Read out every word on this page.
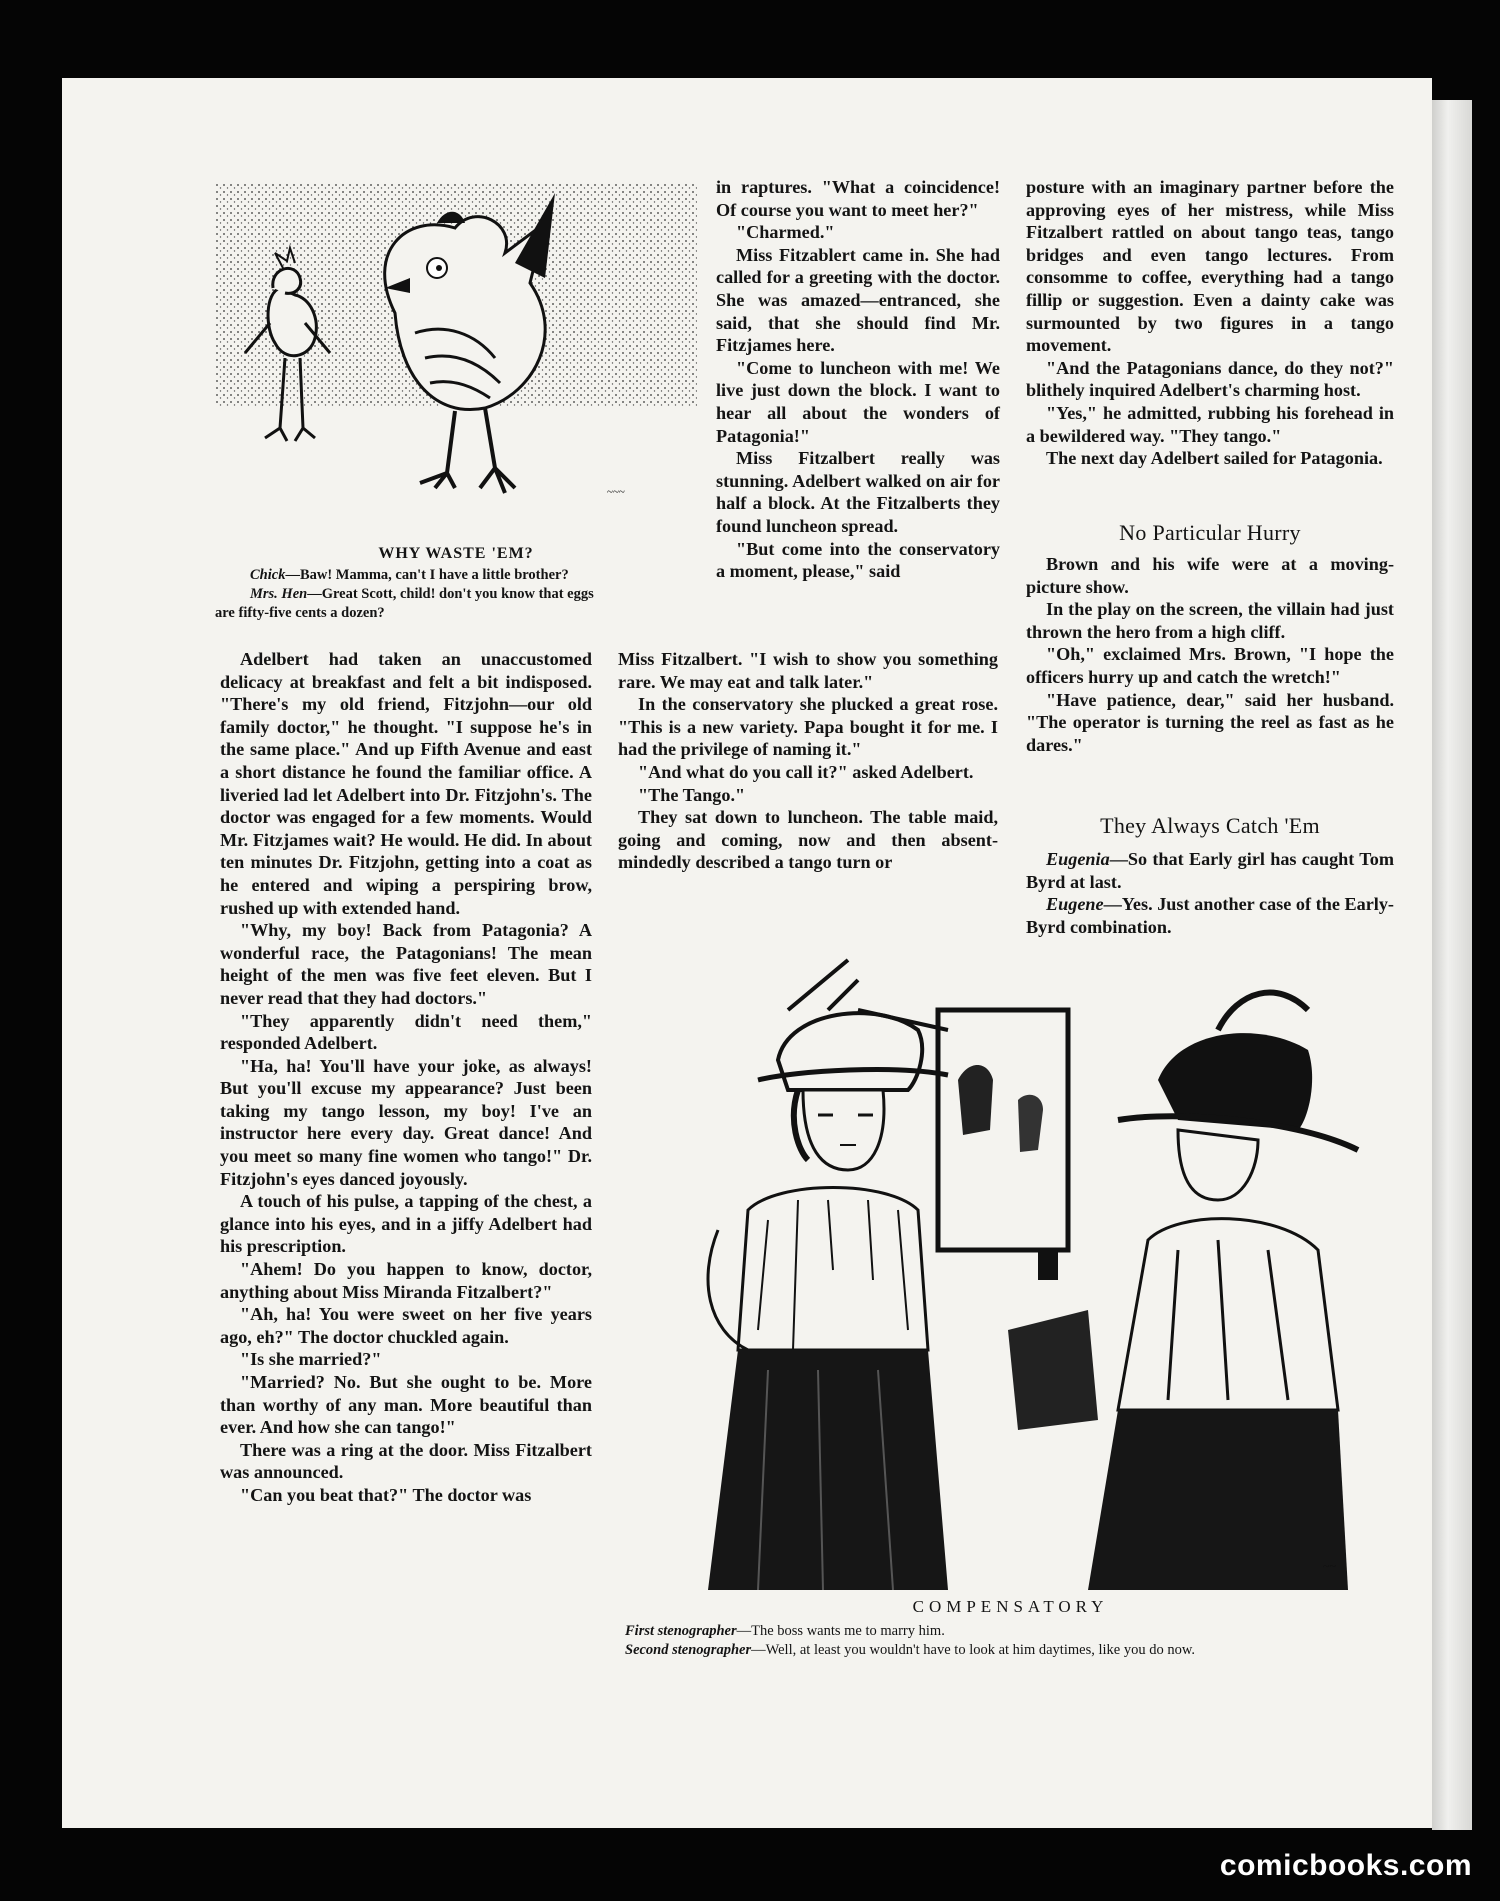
~~~
WHY WASTE 'EM?
Chick—Baw! Mamma, can't I have a little brother?
Mrs. Hen—Great Scott, child! don't you know that eggs
are fifty-five cents a dozen?

Adelbert had taken an unaccustomed delicacy at breakfast and felt a bit indisposed. "There's my old friend, Fitzjohn—our old family doctor," he thought. "I suppose he's in the same place." And up Fifth Avenue and east a short distance he found the familiar office. A liveried lad let Adelbert into Dr. Fitzjohn's. The doctor was engaged for a few moments. Would Mr. Fitzjames wait? He would. He did. In about ten minutes Dr. Fitzjohn, getting into a coat as he entered and wiping a perspiring brow, rushed up with extended hand.

"Why, my boy! Back from Patagonia? A wonderful race, the Patagonians! The mean height of the men was five feet eleven. But I never read that they had doctors."

"They apparently didn't need them," responded Adelbert.

"Ha, ha! You'll have your joke, as always! But you'll excuse my appearance? Just been taking my tango lesson, my boy! I've an instructor here every day. Great dance! And you meet so many fine women who tango!" Dr. Fitzjohn's eyes danced joyously.

A touch of his pulse, a tapping of the chest, a glance into his eyes, and in a jiffy Adelbert had his prescription.

"Ahem! Do you happen to know, doctor, anything about Miss Miranda Fitzalbert?"

"Ah, ha! You were sweet on her five years ago, eh?" The doctor chuckled again.

"Is she married?"

"Married? No. But she ought to be. More than worthy of any man. More beautiful than ever. And how she can tango!"

There was a ring at the door. Miss Fitzalbert was announced.

"Can you beat that?" The doctor was

in raptures. "What a coincidence! Of course you want to meet her?"

"Charmed."

Miss Fitzablert came in. She had called for a greeting with the doctor. She was amazed—entranced, she said, that she should find Mr. Fitzjames here.

"Come to luncheon with me! We live just down the block. I want to hear all about the wonders of Patagonia!"

Miss Fitzalbert really was stunning. Adelbert walked on air for half a block. At the Fitzalberts they found luncheon spread.

"But come into the conservatory a moment, please," said

Miss Fitzalbert. "I wish to show you something rare. We may eat and talk later."

In the conservatory she plucked a great rose. "This is a new variety. Papa bought it for me. I had the privilege of naming it."

"And what do you call it?" asked Adelbert.

"The Tango."

They sat down to luncheon. The table maid, going and coming, now and then absent-mindedly described a tango turn or

posture with an imaginary partner before the approving eyes of her mistress, while Miss Fitzalbert rattled on about tango teas, tango bridges and even tango lectures. From consomme to coffee, everything had a tango fillip or suggestion. Even a dainty cake was surmounted by two figures in a tango movement.

"And the Patagonians dance, do they not?" blithely inquired Adelbert's charming host.

"Yes," he admitted, rubbing his forehead in a bewildered way. "They tango."

The next day Adelbert sailed for Patagonia.

No Particular Hurry

Brown and his wife were at a moving-picture show.

In the play on the screen, the villain had just thrown the hero from a high cliff.

"Oh," exclaimed Mrs. Brown, "I hope the officers hurry up and catch the wretch!"

"Have patience, dear," said her husband. "The operator is turning the reel as fast as he dares."

They Always Catch 'Em

Eugenia—So that Early girl has caught Tom Byrd at last.

Eugene—Yes. Just another case of the Early-Byrd combination.

~~
COMPENSATORY
First stenographer—The boss wants me to marry him.
Second stenographer—Well, at least you wouldn't have to look at him daytimes, like you do now.
comicbooks.com
